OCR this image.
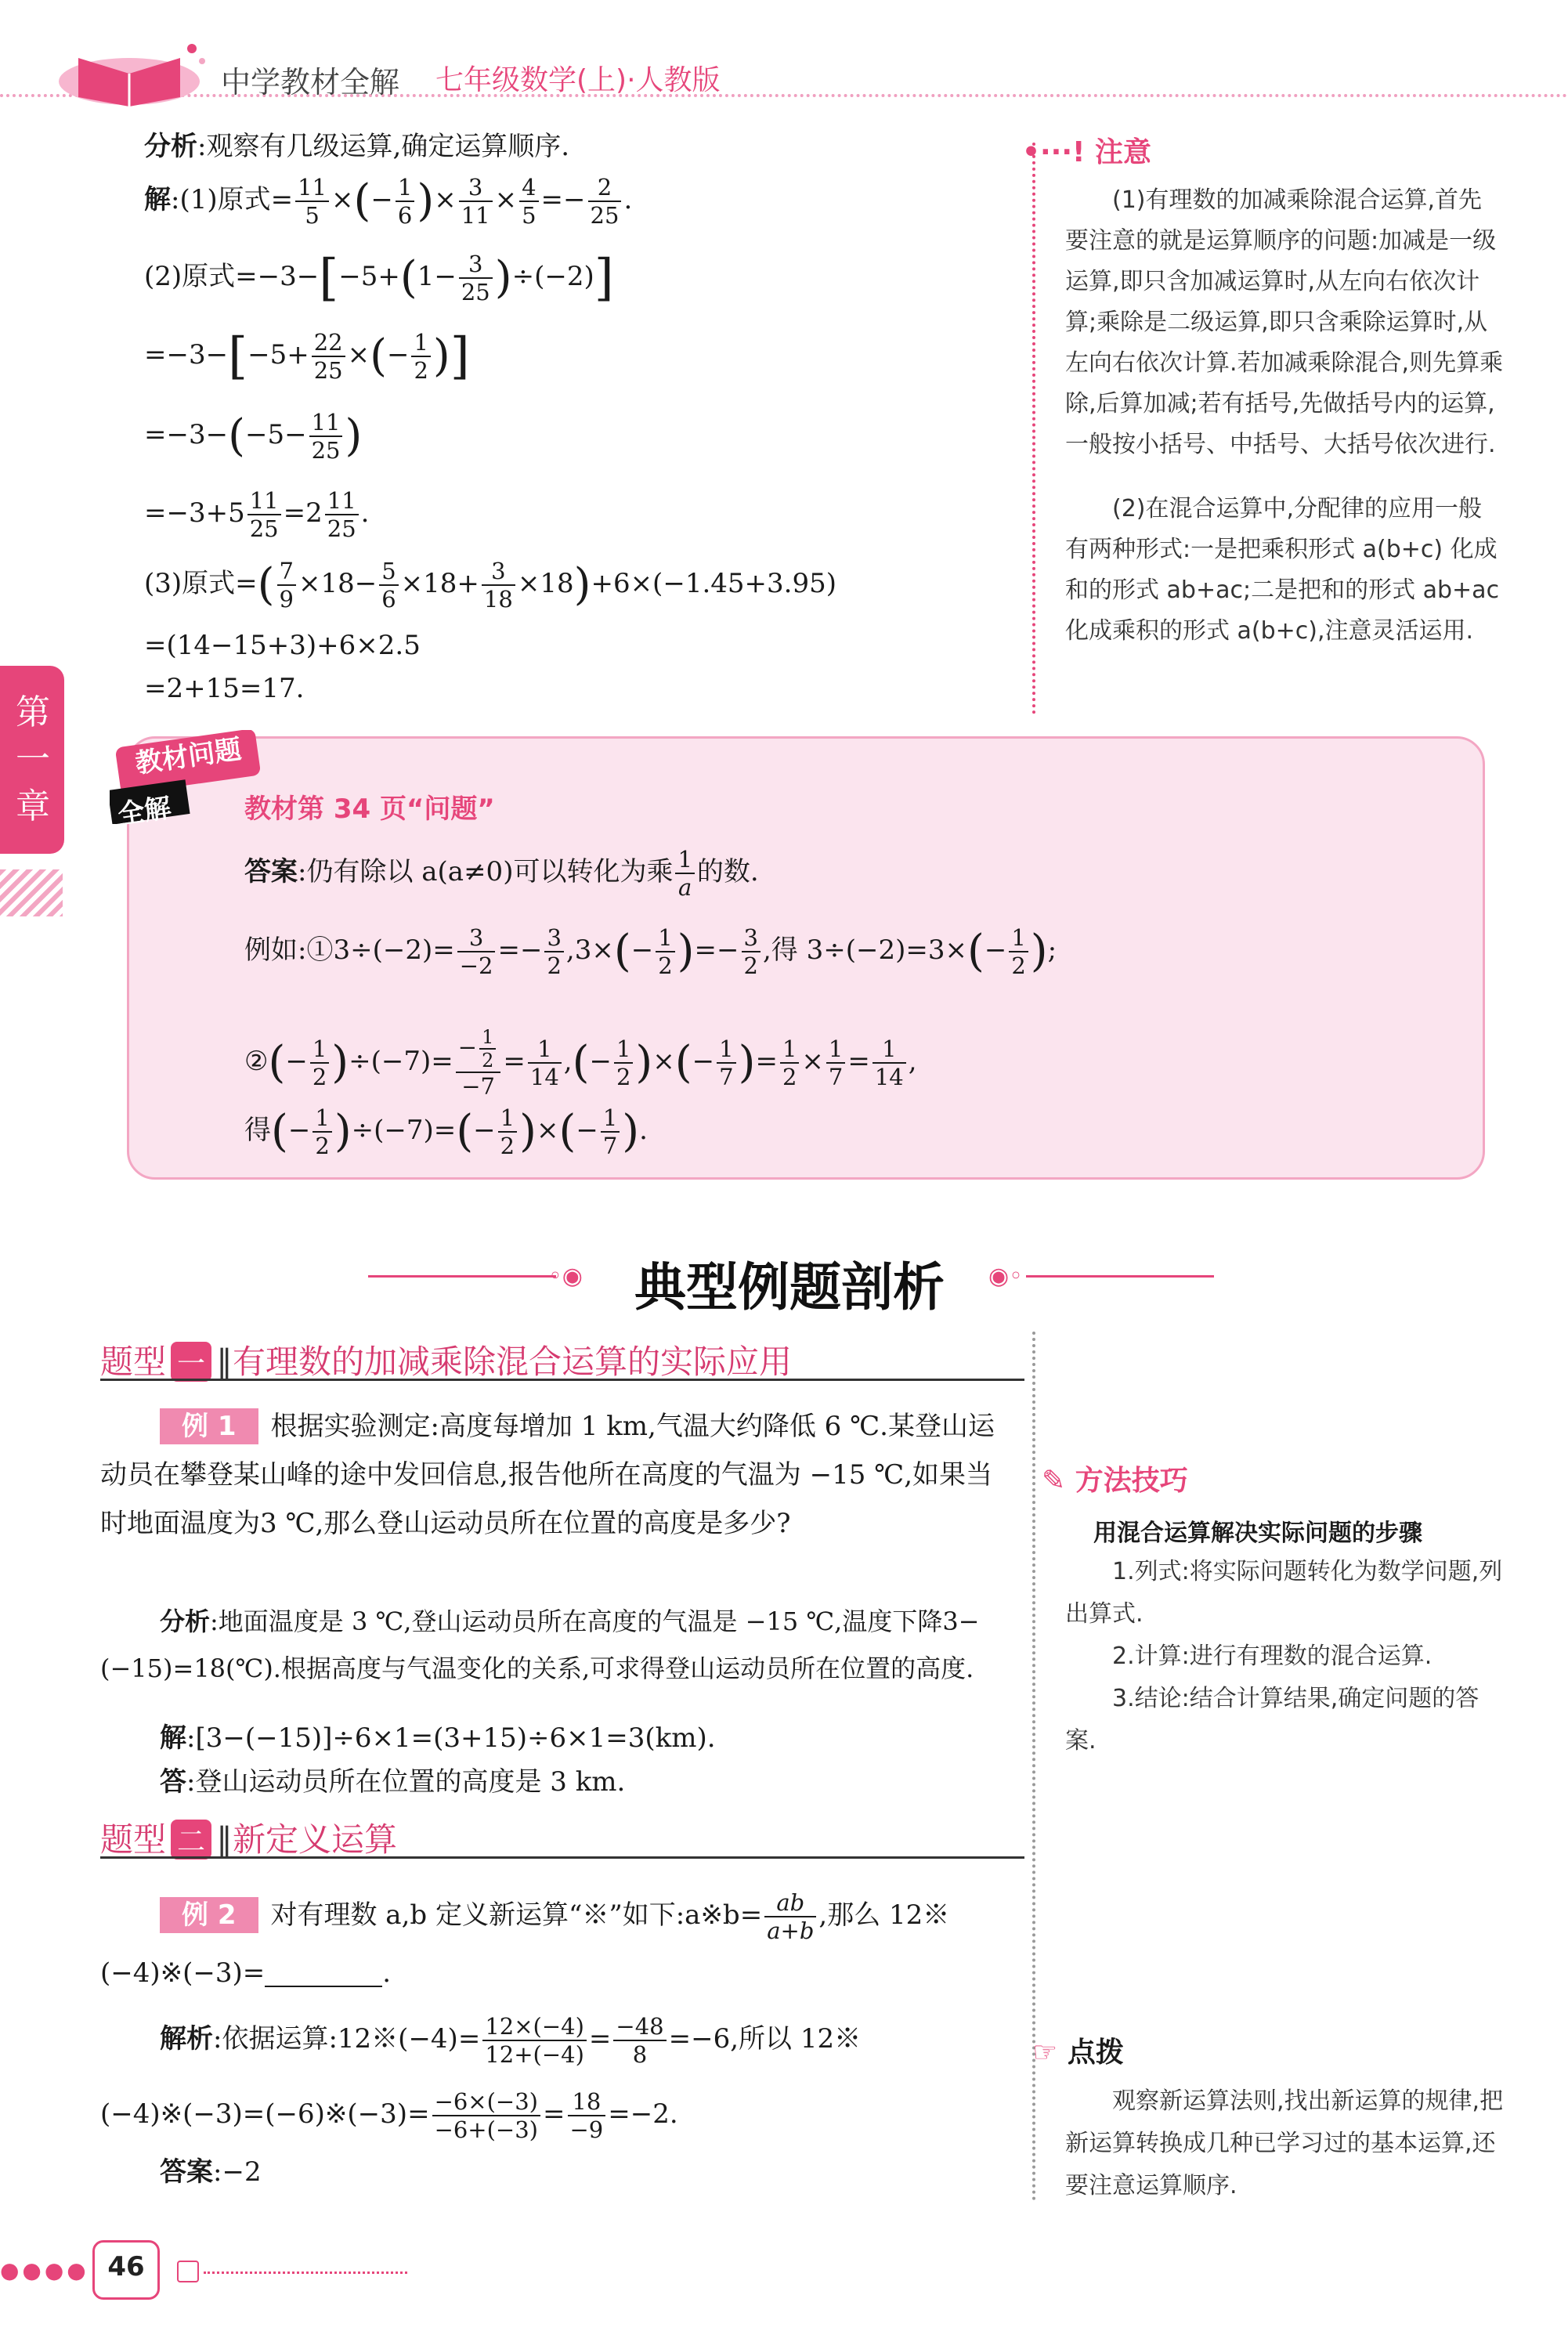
中学教材全解 七年级数学(上)·人教版
分析:观察有几级运算,确定运算顺序.
解:(1)原式= $\frac{11}{5}$ ×(− $\frac{1}{6}$ )× $\frac{3}{11} \times \frac{4}{5} =- \frac{2}{25}$ .
(2)原式$=-3-[-5+(1- \frac{3}{25} )\div(-2)]$
$=-3-[-5+ \frac{22}{25}$ ×(− $\frac{1}{2}$ )]
$=-3-(-5- \frac{11}{25}$ )
$=-3+5 \frac{11}{25} =2 \frac{11}{25}$ .
(3)原式=( $\frac{7}{9} \times 18- \frac{5}{6} \times 18+ \frac{3}{18} \times 18)+6\times(-1.45+3.95)$
=(14−15+3)+6×2.5
=2+15=17.
•···! 注意
(1)有理数的加减乘除混合运算,首先要注意的就是运算顺序的问题:加减是一级运算,即只含加减运算时,从左向右依次计算;乘除是二级运算,即只含乘除运算时,从左向右依次计算.若加减乘除混合,则先算乘除,后算加减;若有括号,先做括号内的运算,一般按小括号、中括号、大括号依次进行.
(2)在混合运算中,分配律的应用一般有两种形式:一是把乘积形式 a(b+c) 化成和的形式 ab+ac;二是把和的形式 ab+ac 化成乘积的形式 a(b+c),注意灵活运用.
第一章
教材问题
全解	教材第 34 页“问题”
答案:仍有除以 a(a≠0)可以转化为乘 $\frac{1}{a}$ 的数.
例如:①3÷(−2)= $\frac{3}{-2} =- \frac{3}{2} ,3\times(- \frac{1}{2}$ )=− $\frac{3}{2}$ ,得 $3\div(-2)=3\times(- \frac{1}{2}$ );
②(− $\frac{1}{2} )\div(-7)= \frac{- \frac{1}{2}}{-7} = \frac{1}{14}$ ,(− $\frac{1}{2}$ )×(− $\frac{1}{7}$ )= $\frac{1}{2} \times \frac{1}{7} = \frac{1}{14}$ ,
得(− $\frac{1}{2} )\div(-7)=(- \frac{1}{2}$ )×(− $\frac{1}{7}$ ).
◦◉ 典型例题剖析 ◉◦
题型 一 ∥有理数的加减乘除混合运算的实际应用
例 1 根据实验测定:高度每增加 1 km,气温大约降低 6 ℃.某登山运动员在攀登某山峰的途中发回信息,报告他所在高度的气温为 −15 ℃,如果当时地面温度为3 ℃,那么登山运动员所在位置的高度是多少?
分析:地面温度是 3 ℃,登山运动员所在高度的气温是 −15 ℃,温度下降3−(−15)=18(℃).根据高度与气温变化的关系,可求得登山运动员所在位置的高度.
解:[3−(−15)]÷6×1=(3+15)÷6×1=3(km).
答:登山运动员所在位置的高度是 3 km.
题型 二 ∥新定义运算
例 2 对有理数 a,b 定义新运算“※”如下:a※b= $\frac{ab}{a+b}$ ,那么 12※
(−4)※(−3)=	.
解析:依据运算:12※(−4)= $\frac{12\times(-4)}{12+(-4)} = \frac{-48}{8} =-6$,所以 12※
(−4)※(−3)=(−6)※(−3)= $\frac{-6\times(-3)}{-6+(-3)} = \frac{18}{-9} =-2$.
答案:−2
✎ 方法技巧
用混合运算解决实际问题的步骤
1.列式:将实际问题转化为数学问题,列出算式.
2.计算:进行有理数的混合运算.
3.结论:结合计算结果,确定问题的答案.
☞ 点拨
观察新运算法则,找出新运算的规律,把新运算转换成几种已学习过的基本运算,还要注意运算顺序.
●●●● 46
